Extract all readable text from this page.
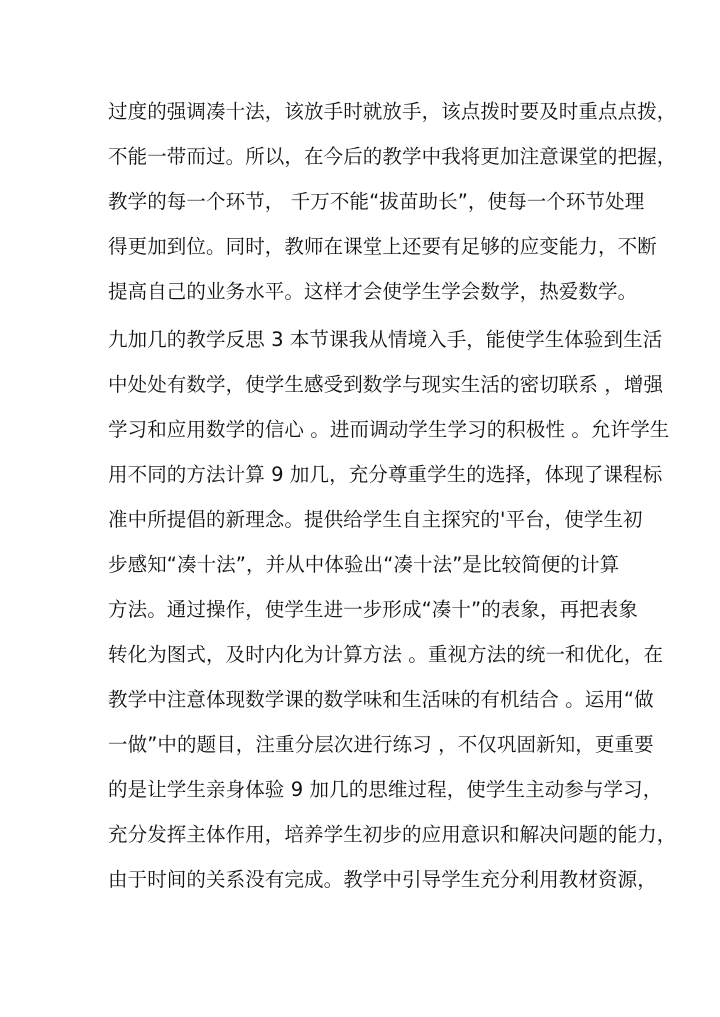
过度的强调凑十法，该放手时就放手，该点拨时要及时重点点拨，
不能一带而过。所以，在今后的教学中我将更加注意课堂的把握，
教学的每一个环节， 千万不能“拔苗助长”，使每一个环节处理
得更加到位。同时，教师在课堂上还要有足够的应变能力，不断
提高自己的业务水平。这样才会使学生学会数学，热爱数学。
九加几的教学反思 3 本节课我从情境入手，能使学生体验到生活
中处处有数学，使学生感受到数学与现实生活的密切联系 ，增强
学习和应用数学的信心 。进而调动学生学习的积极性 。允许学生
用不同的方法计算 9 加几，充分尊重学生的选择，体现了课程标
准中所提倡的新理念。提供给学生自主探究的'平台，使学生初
步感知“凑十法”，并从中体验出“凑十法”是比较简便的计算
方法。通过操作，使学生进一步形成“凑十”的表象，再把表象
转化为图式，及时内化为计算方法 。重视方法的统一和优化，在
教学中注意体现数学课的数学味和生活味的有机结合 。运用“做
一做”中的题目，注重分层次进行练习 ，不仅巩固新知，更重要
的是让学生亲身体验 9 加几的思维过程，使学生主动参与学习，
充分发挥主体作用，培养学生初步的应用意识和解决问题的能力，
由于时间的关系没有完成。教学中引导学生充分利用教材资源，
